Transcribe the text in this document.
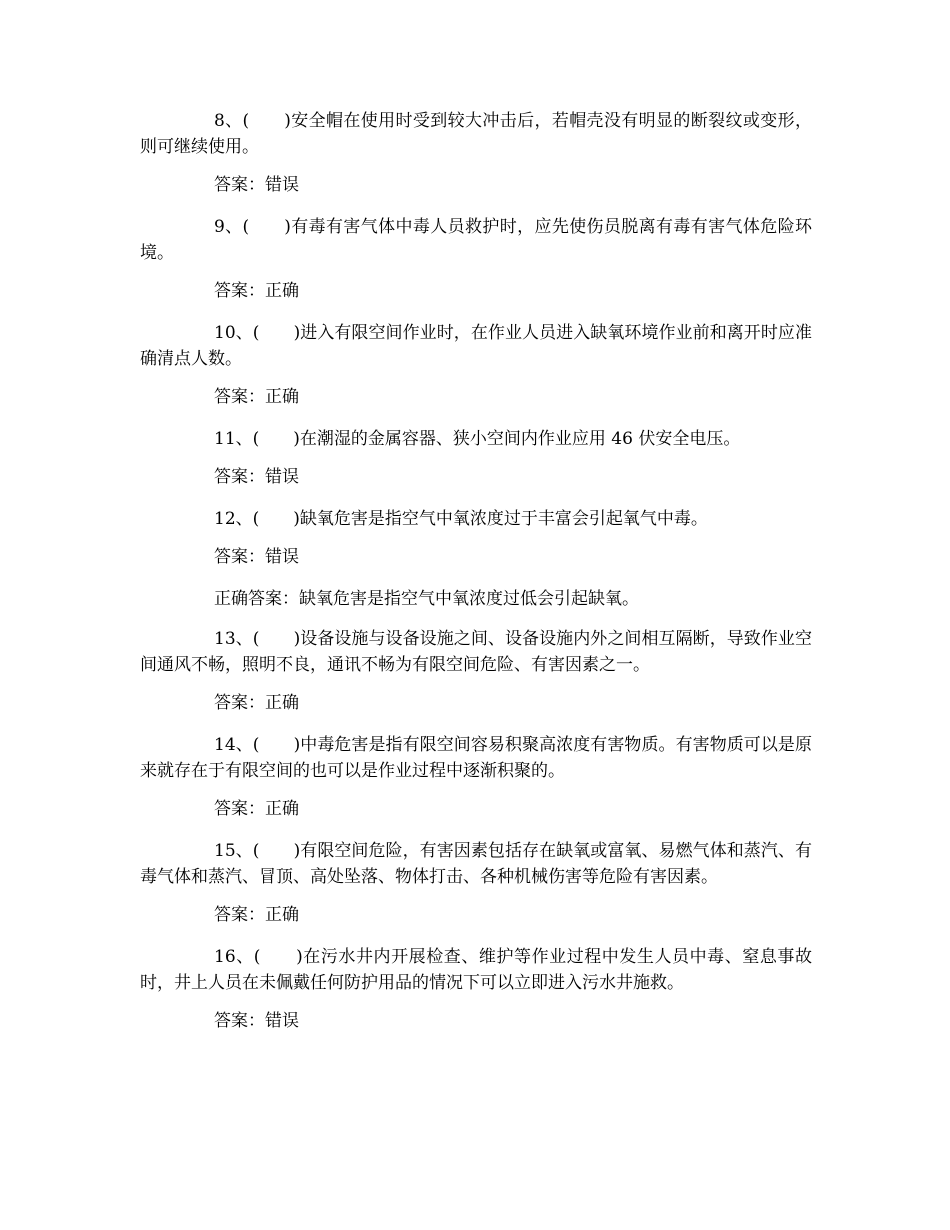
8、(　　)安全帽在使用时受到较大冲击后，若帽壳没有明显的断裂纹或变形，则可继续使用。

答案：错误

9、(　　)有毒有害气体中毒人员救护时，应先使伤员脱离有毒有害气体危险环境。

答案：正确

10、(　　)进入有限空间作业时，在作业人员进入缺氧环境作业前和离开时应准确清点人数。

答案：正确

11、(　　)在潮湿的金属容器、狭小空间内作业应用 46 伏安全电压。

答案：错误

12、(　　)缺氧危害是指空气中氧浓度过于丰富会引起氧气中毒。

答案：错误

正确答案：缺氧危害是指空气中氧浓度过低会引起缺氧。

13、(　　)设备设施与设备设施之间、设备设施内外之间相互隔断，导致作业空间通风不畅，照明不良，通讯不畅为有限空间危险、有害因素之一。

答案：正确

14、(　　)中毒危害是指有限空间容易积聚高浓度有害物质。有害物质可以是原来就存在于有限空间的也可以是作业过程中逐渐积聚的。

答案：正确

15、(　　)有限空间危险，有害因素包括存在缺氧或富氧、易燃气体和蒸汽、有毒气体和蒸汽、冒顶、高处坠落、物体打击、各种机械伤害等危险有害因素。

答案：正确

16、(　　)在污水井内开展检查、维护等作业过程中发生人员中毒、窒息事故时，井上人员在未佩戴任何防护用品的情况下可以立即进入污水井施救。

答案：错误
